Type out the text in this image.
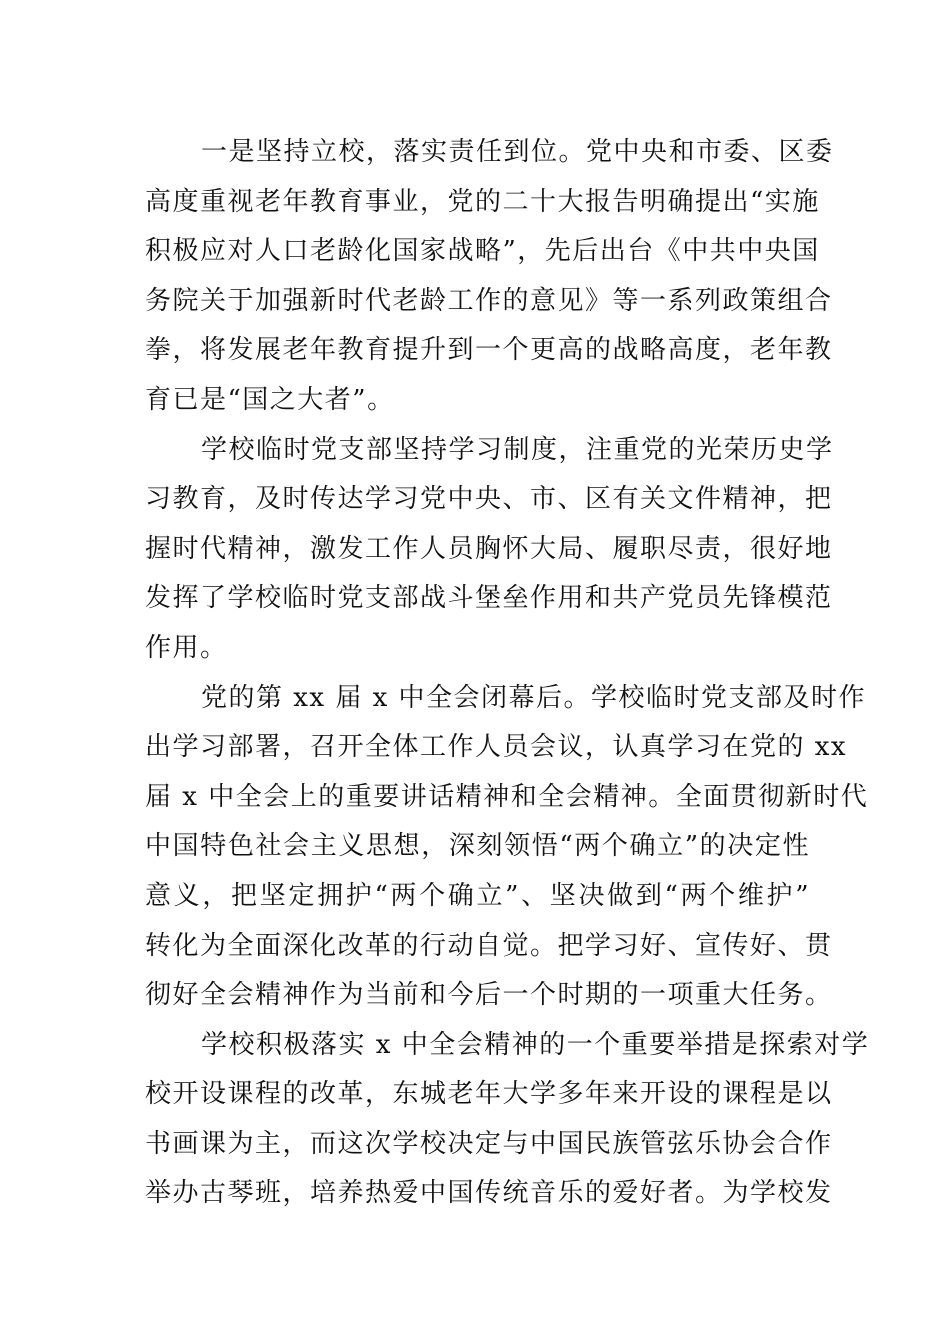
一是坚持立校，落实责任到位。党中央和市委、区委
高度重视老年教育事业，党的二十大报告明确提出“实施
积极应对人口老龄化国家战略”，先后出台《中共中央国
务院关于加强新时代老龄工作的意见》等一系列政策组合
拳，将发展老年教育提升到一个更高的战略高度，老年教
育已是“国之大者”。
学校临时党支部坚持学习制度，注重党的光荣历史学
习教育，及时传达学习党中央、市、区有关文件精神，把
握时代精神，激发工作人员胸怀大局、履职尽责，很好地
发挥了学校临时党支部战斗堡垒作用和共产党员先锋模范
作用。
党的第 xx 届 x 中全会闭幕后。学校临时党支部及时作
出学习部署，召开全体工作人员会议，认真学习在党的 xx
届 x 中全会上的重要讲话精神和全会精神。全面贯彻新时代
中国特色社会主义思想，深刻领悟“两个确立”的决定性
意义，把坚定拥护“两个确立”、坚决做到“两个维护”
转化为全面深化改革的行动自觉。把学习好、宣传好、贯
彻好全会精神作为当前和今后一个时期的一项重大任务。
学校积极落实 x 中全会精神的一个重要举措是探索对学
校开设课程的改革，东城老年大学多年来开设的课程是以
书画课为主，而这次学校决定与中国民族管弦乐协会合作
举办古琴班，培养热爱中国传统音乐的爱好者。为学校发
